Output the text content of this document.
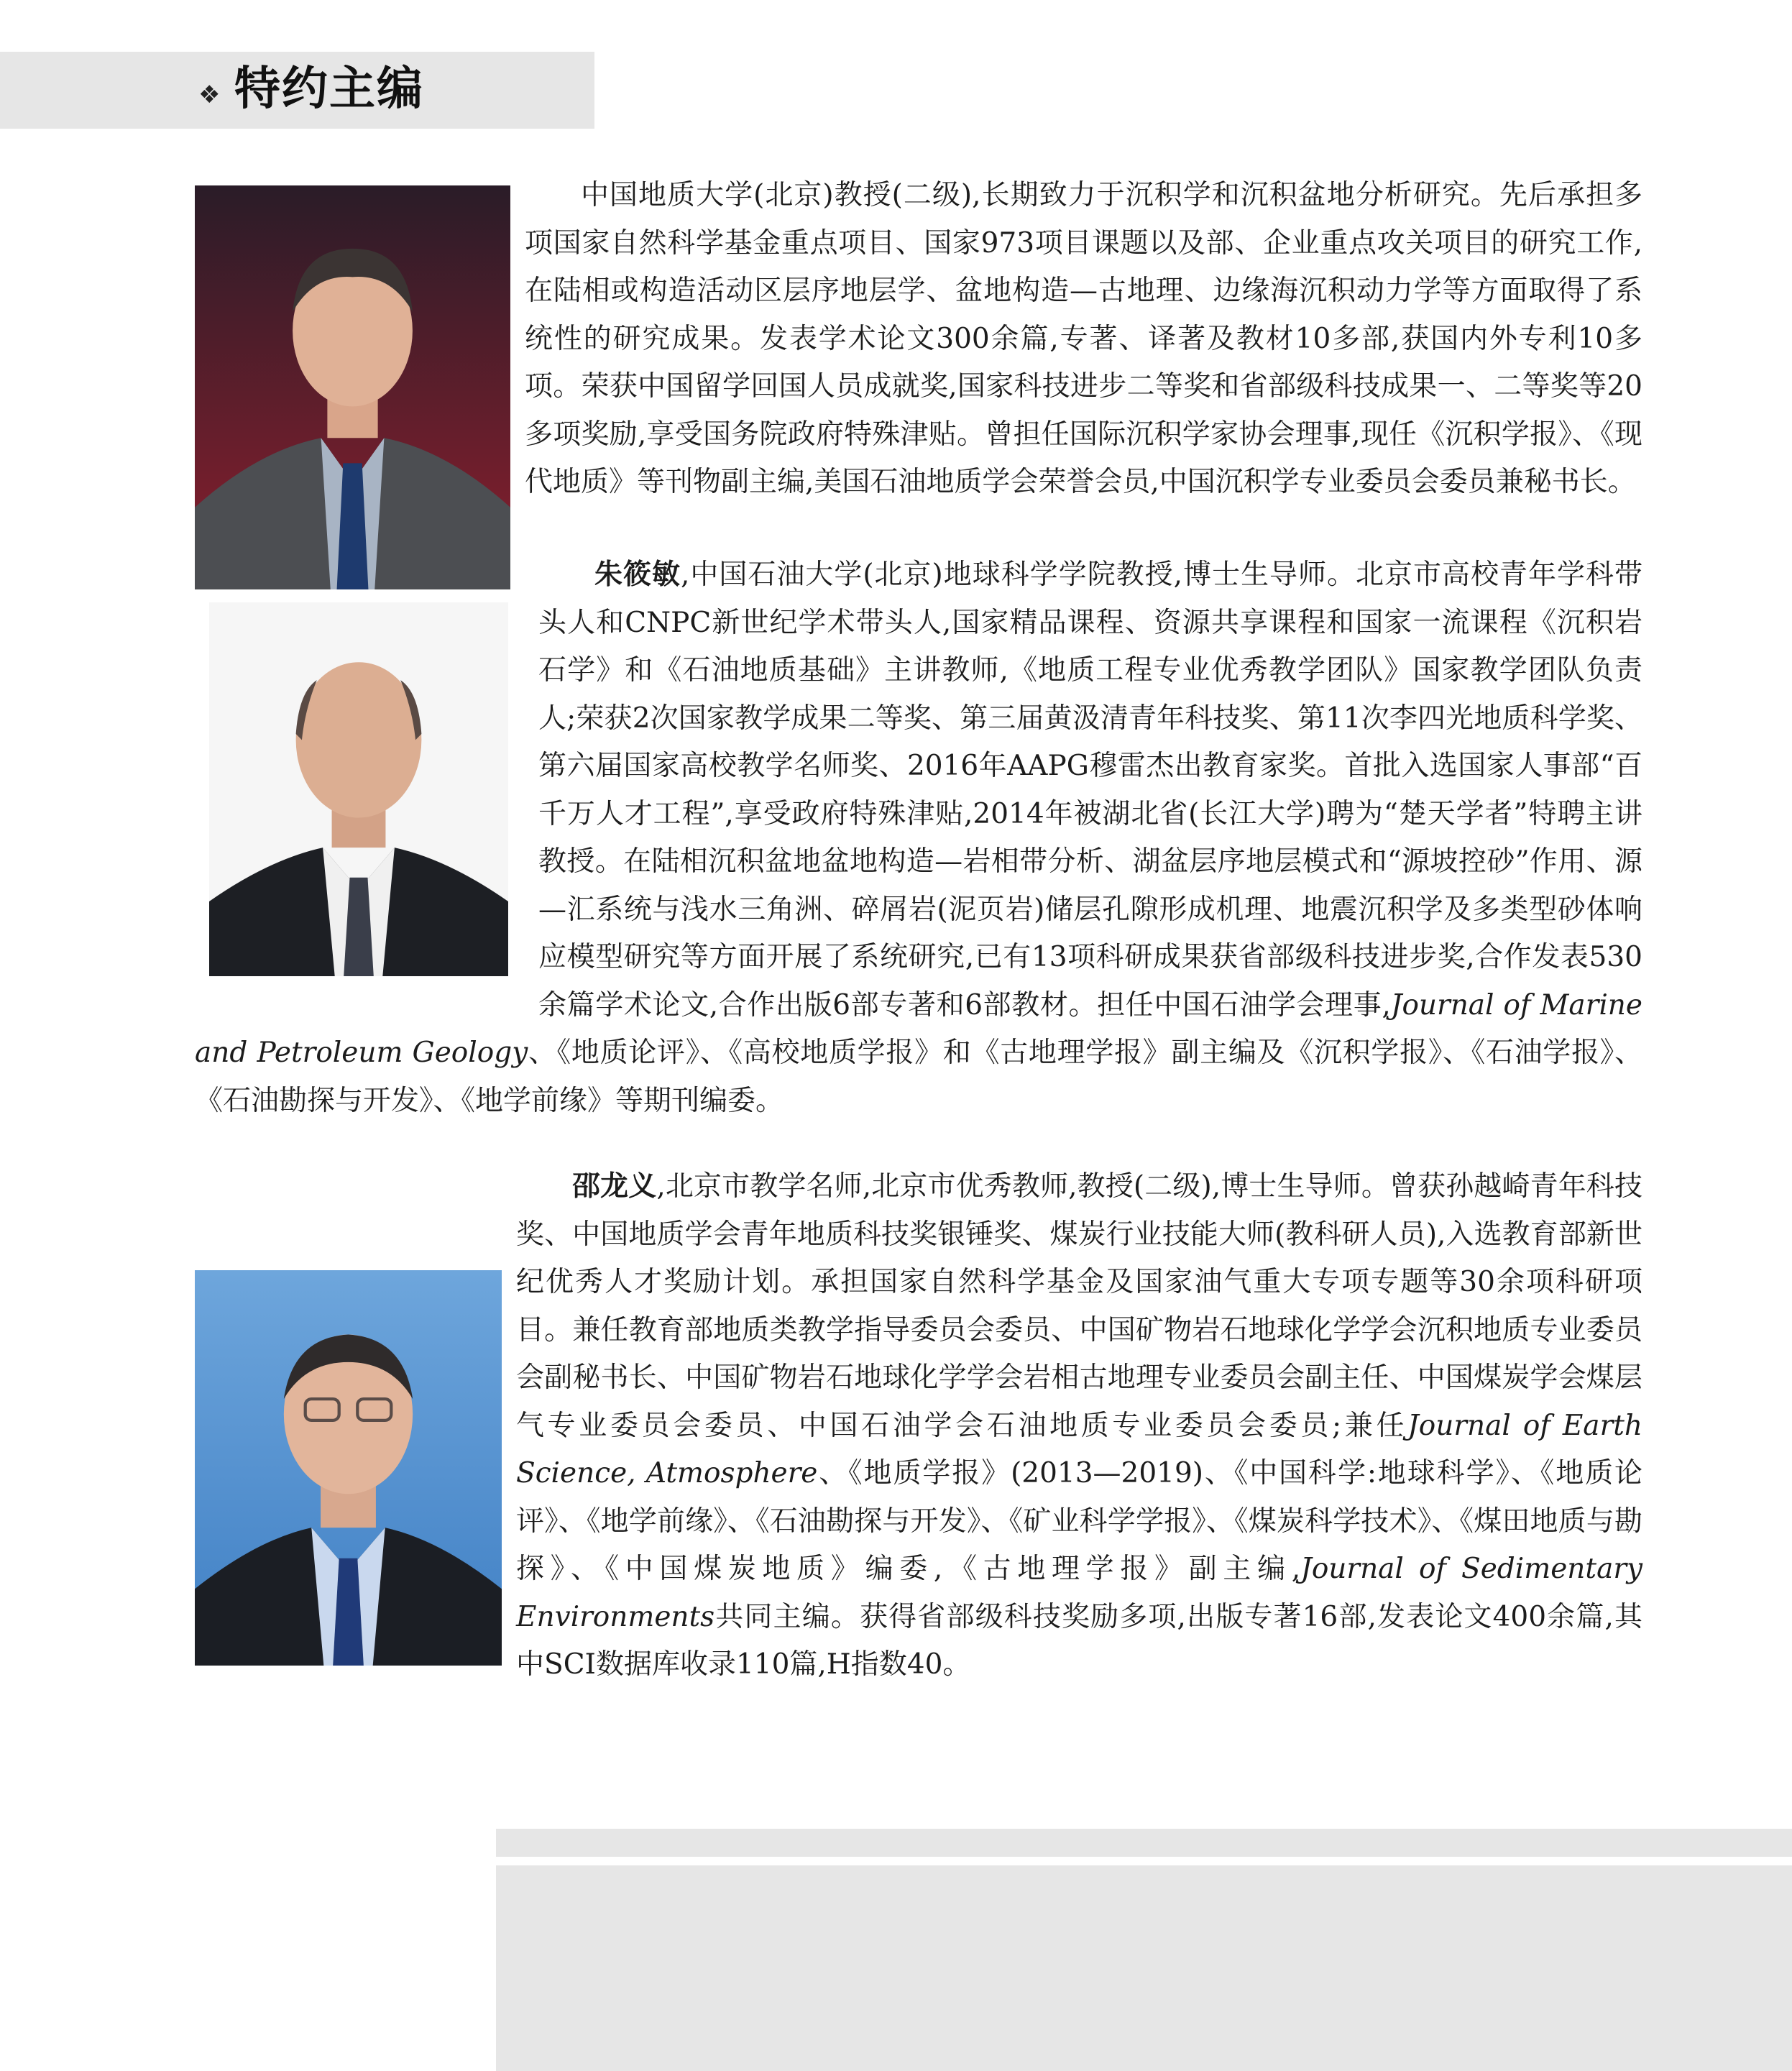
❖ 特约主编
中国地质大学(北京)教授(二级),长期致力于沉积学和沉积盆地分析研究。先后承担多项国家自然科学基金重点项目、国家973项目课题以及部、企业重点攻关项目的研究工作,在陆相或构造活动区层序地层学、盆地构造—古地理、边缘海沉积动力学等方面取得了系统性的研究成果。发表学术论文300余篇,专著、译著及教材10多部,获国内外专利10多项。荣获中国留学回国人员成就奖,国家科技进步二等奖和省部级科技成果一、二等奖等20多项奖励,享受国务院政府特殊津贴。曾担任国际沉积学家协会理事,现任《沉积学报》、《现代地质》等刊物副主编,美国石油地质学会荣誉会员,中国沉积学专业委员会委员兼秘书长。
朱筱敏,中国石油大学(北京)地球科学学院教授,博士生导师。北京市高校青年学科带头人和CNPC新世纪学术带头人,国家精品课程、资源共享课程和国家一流课程《沉积岩石学》和《石油地质基础》主讲教师,《地质工程专业优秀教学团队》国家教学团队负责人;荣获2次国家教学成果二等奖、第三届黄汲清青年科技奖、第11次李四光地质科学奖、第六届国家高校教学名师奖、2016年AAPG穆雷杰出教育家奖。首批入选国家人事部“百千万人才工程”,享受政府特殊津贴,2014年被湖北省(长江大学)聘为“楚天学者”特聘主讲教授。在陆相沉积盆地盆地构造—岩相带分析、湖盆层序地层模式和“源坡控砂”作用、源—汇系统与浅水三角洲、碎屑岩(泥页岩)储层孔隙形成机理、地震沉积学及多类型砂体响应模型研究等方面开展了系统研究,已有13项科研成果获省部级科技进步奖,合作发表530余篇学术论文,合作出版6部专著和6部教材。担任中国石油学会理事,Journal of Marine and Petroleum Geology、《地质论评》、《高校地质学报》和《古地理学报》副主编及《沉积学报》、《石油学报》、《石油勘探与开发》、《地学前缘》等期刊编委。
邵龙义,北京市教学名师,北京市优秀教师,教授(二级),博士生导师。曾获孙越崎青年科技奖、中国地质学会青年地质科技奖银锤奖、煤炭行业技能大师(教科研人员),入选教育部新世纪优秀人才奖励计划。承担国家自然科学基金及国家油气重大专项专题等30余项科研项目。兼任教育部地质类教学指导委员会委员、中国矿物岩石地球化学学会沉积地质专业委员会副秘书长、中国矿物岩石地球化学学会岩相古地理专业委员会副主任、中国煤炭学会煤层气专业委员会委员、中国石油学会石油地质专业委员会委员;兼任Journal of Earth Science, Atmosphere、《地质学报》(2013—2019)、《中国科学:地球科学》、《地质论评》、《地学前缘》、《石油勘探与开发》、《矿业科学学报》、《煤炭科学技术》、《煤田地质与勘探》、《中国煤炭地质》编委,《古地理学报》副主编,Journal of Sedimentary Environments共同主编。获得省部级科技奖励多项,出版专著16部,发表论文400余篇,其中SCI数据库收录110篇,H指数40。
